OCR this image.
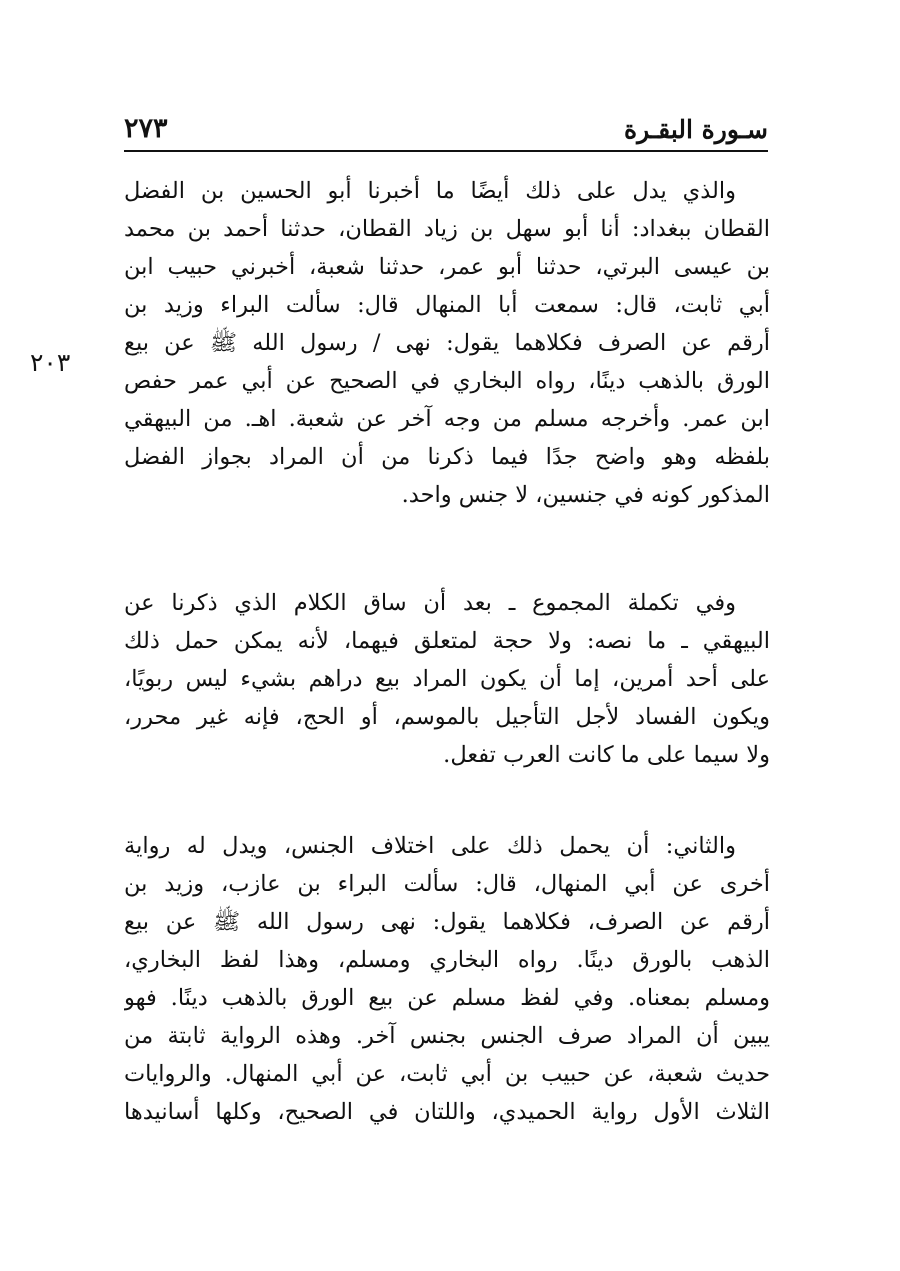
سـورة البقـرة
٢٧٣
٢٠٣
والذي يدل على ذلك أيضًا ما أخبرنا أبو الحسين بن الفضل
القطان ببغداد: أنا أبو سهل بن زياد القطان، حدثنا أحمد بن محمد
بن عيسى البرتي، حدثنا أبو عمر، حدثنا شعبة، أخبرني حبيب ابن
أبي ثابت، قال: سمعت أبا المنهال قال: سألت البراء وزيد بن
أرقم عن الصرف فكلاهما يقول: نهى / رسول الله ﷺ عن بيع
الورق بالذهب دينًا، رواه البخاري في الصحيح عن أبي عمر حفص
ابن عمر. وأخرجه مسلم من وجه آخر عن شعبة. اهـ. من البيهقي
بلفظه وهو واضح جدًا فيما ذكرنا من أن المراد بجواز الفضل
المذكور كونه في جنسين، لا جنس واحد.
وفي تكملة المجموع ـ بعد أن ساق الكلام الذي ذكرنا عن
البيهقي ـ ما نصه: ولا حجة لمتعلق فيهما، لأنه يمكن حمل ذلك
على أحد أمرين، إما أن يكون المراد بيع دراهم بشيء ليس ربويًا،
ويكون الفساد لأجل التأجيل بالموسم، أو الحج، فإنه غير محرر،
ولا سيما على ما كانت العرب تفعل.
والثاني: أن يحمل ذلك على اختلاف الجنس، ويدل له رواية
أخرى عن أبي المنهال، قال: سألت البراء بن عازب، وزيد بن
أرقم عن الصرف، فكلاهما يقول: نهى رسول الله ﷺ عن بيع
الذهب بالورق دينًا. رواه البخاري ومسلم، وهذا لفظ البخاري،
ومسلم بمعناه. وفي لفظ مسلم عن بيع الورق بالذهب دينًا. فهو
يبين أن المراد صرف الجنس بجنس آخر. وهذه الرواية ثابتة من
حديث شعبة، عن حبيب بن أبي ثابت، عن أبي المنهال. والروايات
الثلاث الأول رواية الحميدي، واللتان في الصحيح، وكلها أسانيدها
